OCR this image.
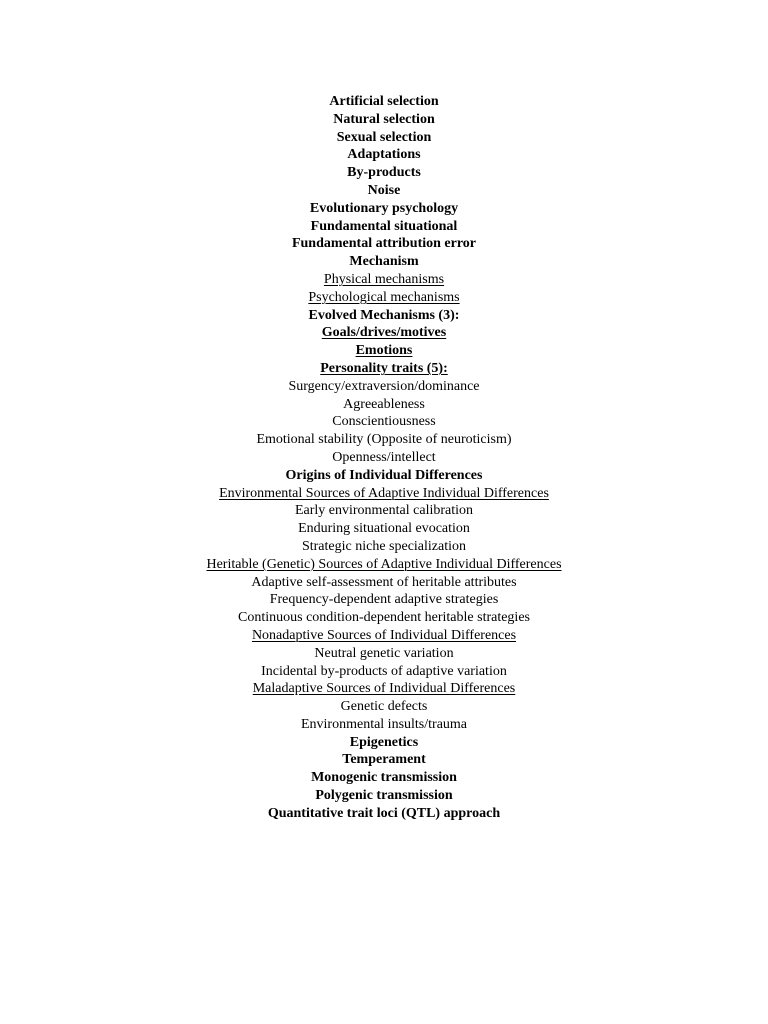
Artificial selection
Natural selection
Sexual selection
Adaptations
By-products
Noise
Evolutionary psychology
Fundamental situational
Fundamental attribution error
Mechanism
Physical mechanisms
Psychological mechanisms
Evolved Mechanisms (3):
Goals/drives/motives
Emotions
Personality traits (5):
Surgency/extraversion/dominance
Agreeableness
Conscientiousness
Emotional stability (Opposite of neuroticism)
Openness/intellect
Origins of Individual Differences
Environmental Sources of Adaptive Individual Differences
Early environmental calibration
Enduring situational evocation
Strategic niche specialization
Heritable (Genetic) Sources of Adaptive Individual Differences
Adaptive self-assessment of heritable attributes
Frequency-dependent adaptive strategies
Continuous condition-dependent heritable strategies
Nonadaptive Sources of Individual Differences
Neutral genetic variation
Incidental by-products of adaptive variation
Maladaptive Sources of Individual Differences
Genetic defects
Environmental insults/trauma
Epigenetics
Temperament
Monogenic transmission
Polygenic transmission
Quantitative trait loci (QTL) approach
